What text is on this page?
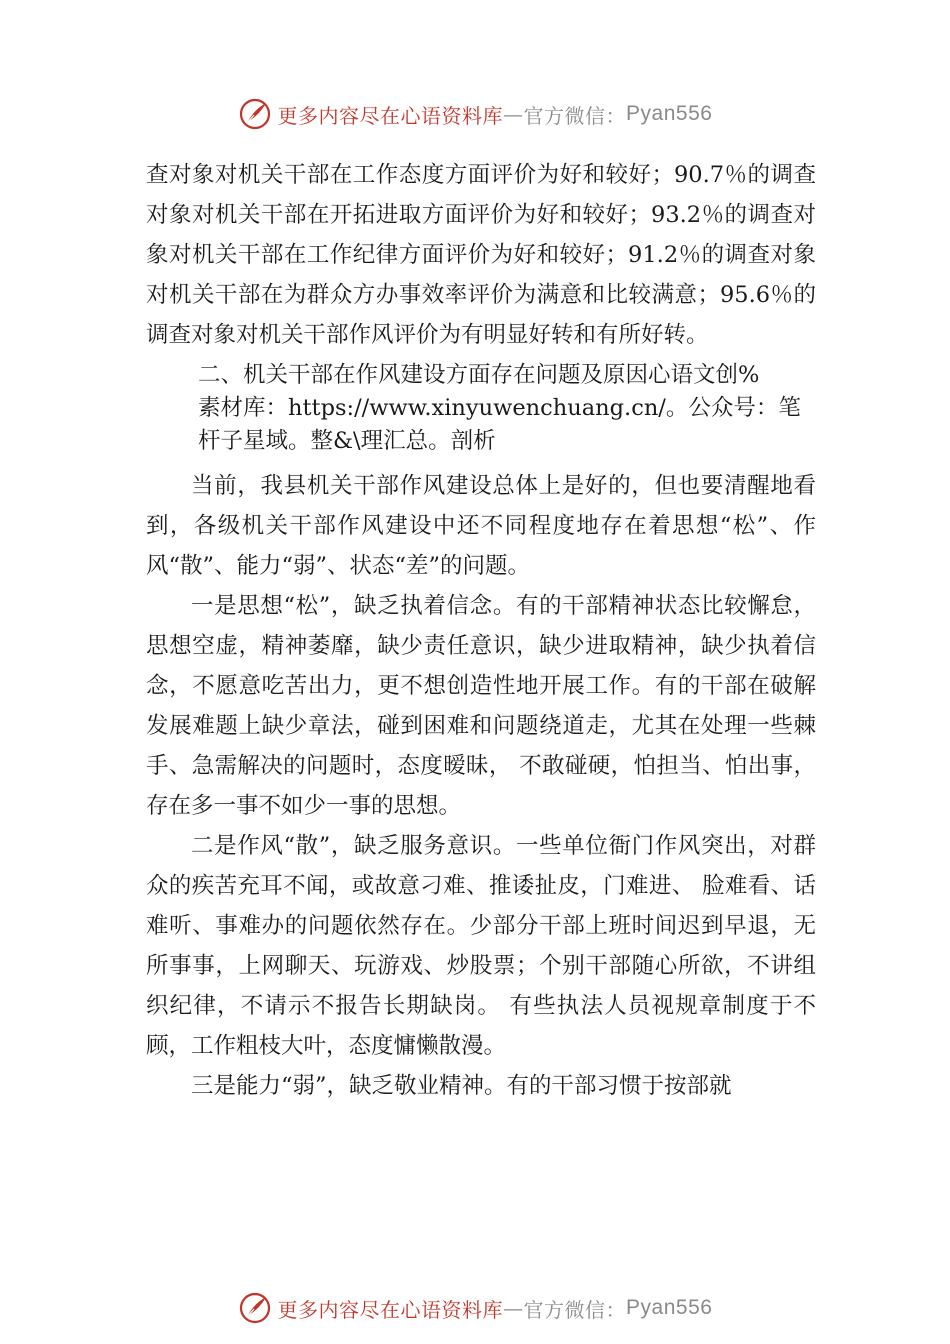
更多内容尽在心语资料库 — 官方微信： Pyan556

查对象对机关干部在工作态度方面评价为好和较好；90.7％的调查对象对机关干部在开拓进取方面评价为好和较好；93.2％的调查对象对机关干部在工作纪律方面评价为好和较好；91.2％的调查对象对机关干部在为群众方办事效率评价为满意和比较满意；95.6％的调查对象对机关干部作风评价为有明显好转和有所好转。

二、机关干部在作风建设方面存在问题及原因心语文创%
素材库：https://www.xinyuwenchuang.cn/。公众号：笔
杆子星域。整&\理汇总。剖析

当前，我县机关干部作风建设总体上是好的，但也要清醒地看到，各级机关干部作风建设中还不同程度地存在着思想“松”、作风“散”、能力“弱”、状态“差”的问题。

一是思想“松”，缺乏执着信念。有的干部精神状态比较懈怠，思想空虚，精神萎靡，缺少责任意识，缺少进取精神，缺少执着信念，不愿意吃苦出力，更不想创造性地开展工作。有的干部在破解发展难题上缺少章法，碰到困难和问题绕道走，尤其在处理一些棘手、急需解决的问题时，态度暧昧， 不敢碰硬，怕担当、怕出事，存在多一事不如少一事的思想。

二是作风“散”，缺乏服务意识。一些单位衙门作风突出，对群众的疾苦充耳不闻，或故意刁难、推诿扯皮，门难进、 脸难看、话难听、事难办的问题依然存在。少部分干部上班时间迟到早退，无所事事，上网聊天、玩游戏、炒股票；个别干部随心所欲，不讲组织纪律，不请示不报告长期缺岗。 有些执法人员视规章制度于不顾，工作粗枝大叶，态度慵懒散漫。

三是能力“弱”，缺乏敬业精神。有的干部习惯于按部就

更多内容尽在心语资料库 — 官方微信： Pyan556
